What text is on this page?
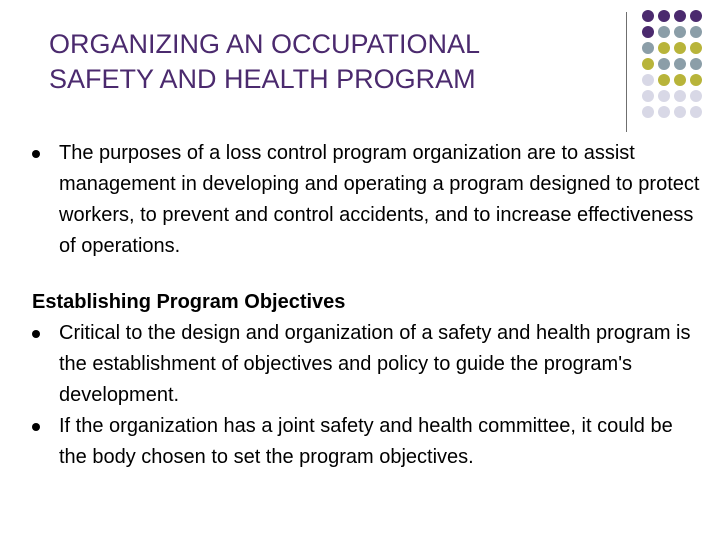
ORGANIZING AN OCCUPATIONAL
SAFETY AND HEALTH PROGRAM
The purposes of a loss control program organization are to assist management in developing and operating a program designed to protect workers, to prevent and control accidents, and to increase effectiveness of operations.
Establishing Program Objectives
Critical to the design and organization of a safety and health program is the establishment of objectives and policy to guide the program's development.
If the organization has a joint safety and health committee, it could be the body chosen to set the program objectives.
